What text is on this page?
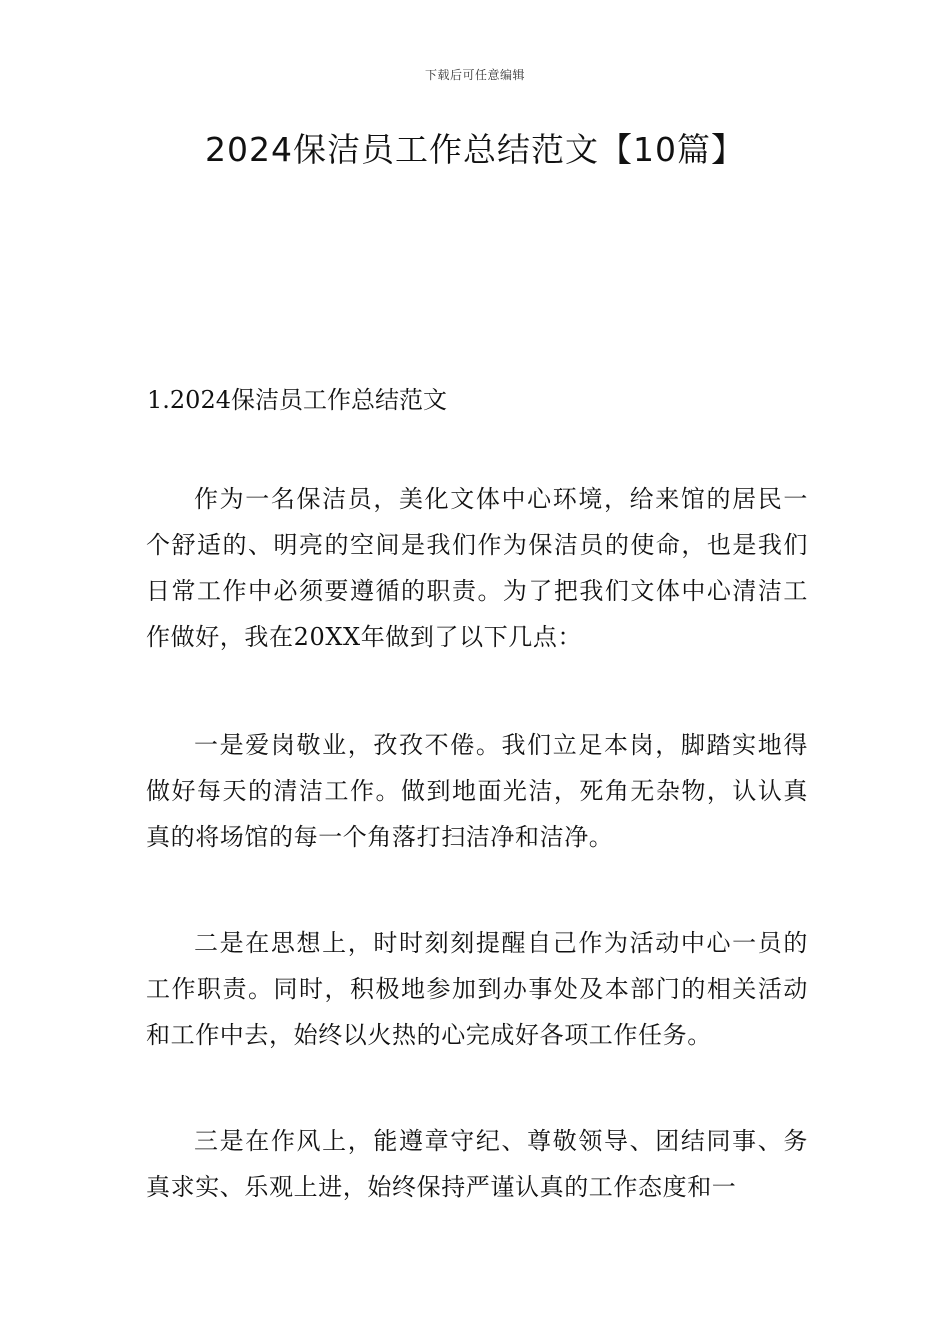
下载后可任意编辑
2024保洁员工作总结范文【10篇】
1.2024保洁员工作总结范文

作为一名保洁员，美化文体中心环境，给来馆的居民一个舒适的、明亮的空间是我们作为保洁员的使命，也是我们日常工作中必须要遵循的职责。为了把我们文体中心清洁工作做好，我在20XX年做到了以下几点：

一是爱岗敬业，孜孜不倦。我们立足本岗，脚踏实地得做好每天的清洁工作。做到地面光洁，死角无杂物，认认真真的将场馆的每一个角落打扫洁净和洁净。

二是在思想上，时时刻刻提醒自己作为活动中心一员的工作职责。同时，积极地参加到办事处及本部门的相关活动和工作中去，始终以火热的心完成好各项工作任务。

三是在作风上，能遵章守纪、尊敬领导、团结同事、务真求实、乐观上进，始终保持严谨认真的工作态度和一
